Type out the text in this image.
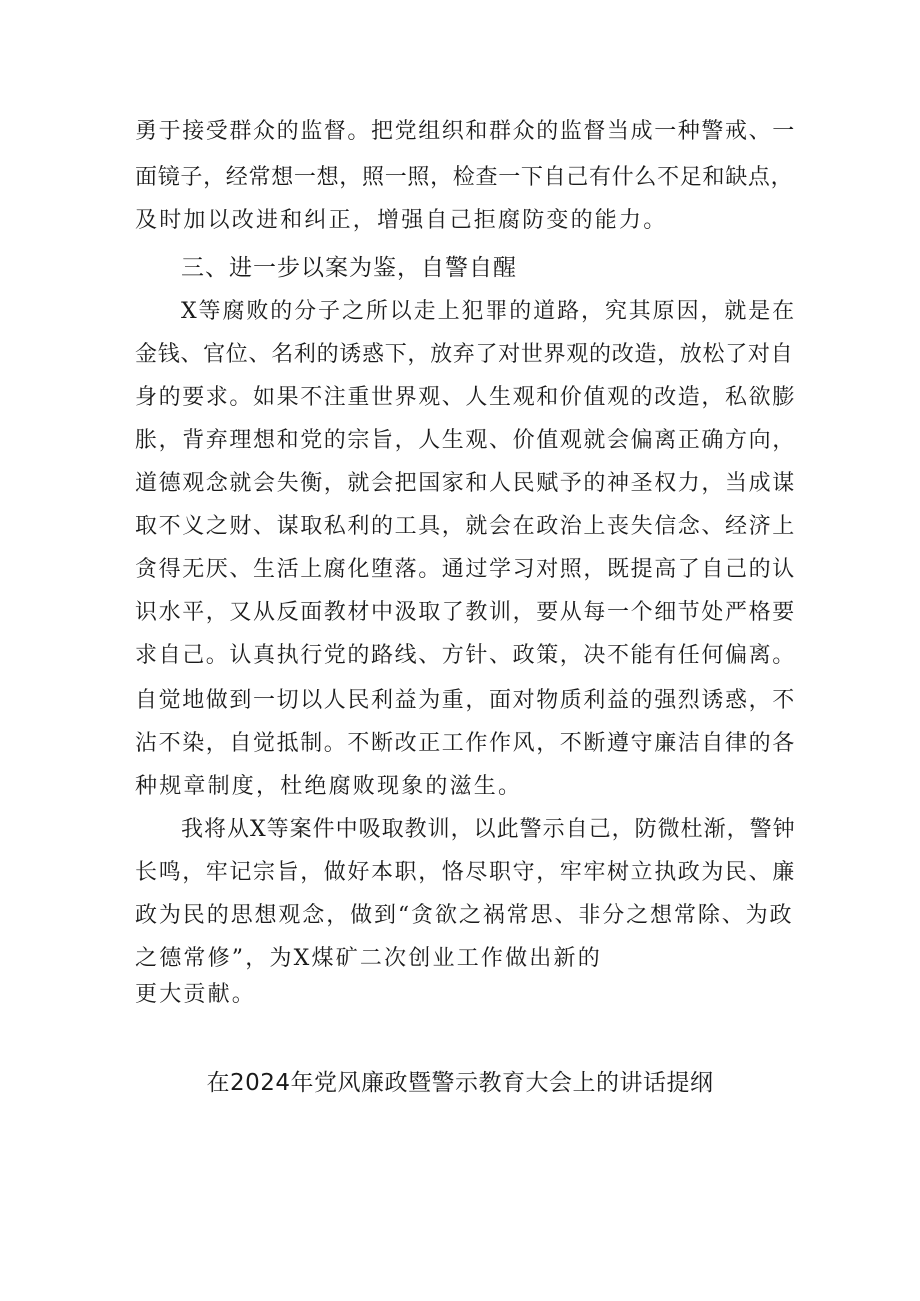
勇于接受群众的监督。把党组织和群众的监督当成一种警戒、一
面镜子，经常想一想，照一照，检查一下自己有什么不足和缺点，
及时加以改进和纠正，增强自己拒腐防变的能力。
三、进一步以案为鉴，自警自醒
X等腐败的分子之所以走上犯罪的道路，究其原因，就是在
金钱、官位、名利的诱惑下，放弃了对世界观的改造，放松了对自
身的要求。如果不注重世界观、人生观和价值观的改造，私欲膨
胀，背弃理想和党的宗旨，人生观、价值观就会偏离正确方向，
道德观念就会失衡，就会把国家和人民赋予的神圣权力，当成谋
取不义之财、谋取私利的工具，就会在政治上丧失信念、经济上
贪得无厌、生活上腐化堕落。通过学习对照，既提高了自己的认
识水平，又从反面教材中汲取了教训，要从每一个细节处严格要
求自己。认真执行党的路线、方针、政策，决不能有任何偏离。
自觉地做到一切以人民利益为重，面对物质利益的强烈诱惑，不
沾不染，自觉抵制。不断改正工作作风，不断遵守廉洁自律的各
种规章制度，杜绝腐败现象的滋生。
我将从X等案件中吸取教训，以此警示自己，防微杜渐，警钟
长鸣，牢记宗旨，做好本职，恪尽职守，牢牢树立执政为民、廉
政为民的思想观念，做到“贪欲之祸常思、非分之想常除、为政
之德常修”，为X煤矿二次创业工作做出新的
更大贡献。
在2024年党风廉政暨警示教育大会上的讲话提纲
